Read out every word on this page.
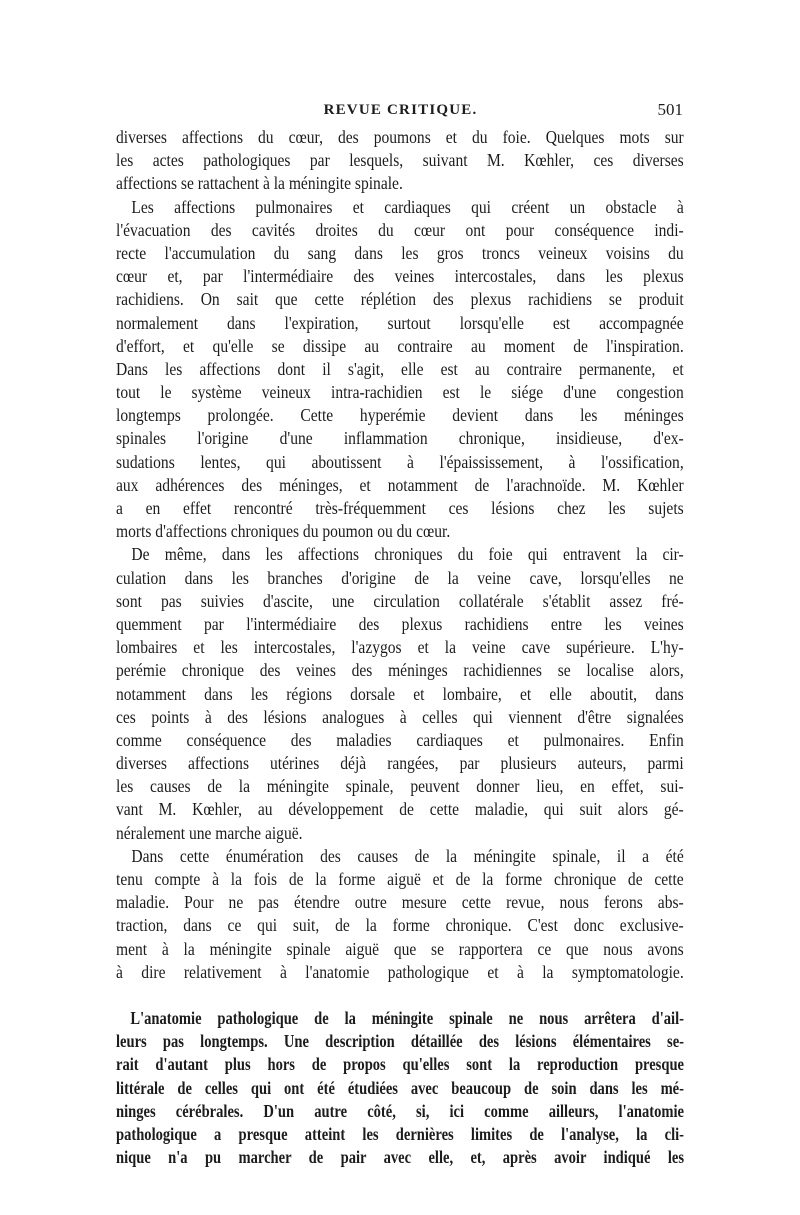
REVUE CRITIQUE.	501
diverses affections du cœur, des poumons et du foie. Quelques mots sur
les actes pathologiques par lesquels, suivant M. Kœhler, ces diverses
affections se rattachent à la méningite spinale.
Les affections pulmonaires et cardiaques qui créent un obstacle à
l'évacuation des cavités droites du cœur ont pour conséquence indi-
recte l'accumulation du sang dans les gros troncs veineux voisins du
cœur et, par l'intermédiaire des veines intercostales, dans les plexus
rachidiens. On sait que cette réplétion des plexus rachidiens se produit
normalement dans l'expiration, surtout lorsqu'elle est accompagnée
d'effort, et qu'elle se dissipe au contraire au moment de l'inspiration.
Dans les affections dont il s'agit, elle est au contraire permanente, et
tout le système veineux intra-rachidien est le siége d'une congestion
longtemps prolongée. Cette hyperémie devient dans les méninges
spinales l'origine d'une inflammation chronique, insidieuse, d'ex-
sudations lentes, qui aboutissent à l'épaississement, à l'ossification,
aux adhérences des méninges, et notamment de l'arachnoïde. M. Kœhler
a en effet rencontré très-fréquemment ces lésions chez les sujets
morts d'affections chroniques du poumon ou du cœur.
De même, dans les affections chroniques du foie qui entravent la cir-
culation dans les branches d'origine de la veine cave, lorsqu'elles ne
sont pas suivies d'ascite, une circulation collatérale s'établit assez fré-
quemment par l'intermédiaire des plexus rachidiens entre les veines
lombaires et les intercostales, l'azygos et la veine cave supérieure. L'hy-
perémie chronique des veines des méninges rachidiennes se localise alors,
notamment dans les régions dorsale et lombaire, et elle aboutit, dans
ces points à des lésions analogues à celles qui viennent d'être signalées
comme conséquence des maladies cardiaques et pulmonaires. Enfin
diverses affections utérines déjà rangées, par plusieurs auteurs, parmi
les causes de la méningite spinale, peuvent donner lieu, en effet, sui-
vant M. Kœhler, au développement de cette maladie, qui suit alors gé-
néralement une marche aiguë.
Dans cette énumération des causes de la méningite spinale, il a été
tenu compte à la fois de la forme aiguë et de la forme chronique de cette
maladie. Pour ne pas étendre outre mesure cette revue, nous ferons abs-
traction, dans ce qui suit, de la forme chronique. C'est donc exclusive-
ment à la méningite spinale aiguë que se rapportera ce que nous avons
à dire relativement à l'anatomie pathologique et à la symptomatologie.
L'anatomie pathologique de la méningite spinale ne nous arrêtera d'ail-
leurs pas longtemps. Une description détaillée des lésions élémentaires se-
rait d'autant plus hors de propos qu'elles sont la reproduction presque
littérale de celles qui ont été étudiées avec beaucoup de soin dans les mé-
ninges cérébrales. D'un autre côté, si, ici comme ailleurs, l'anatomie
pathologique a presque atteint les dernières limites de l'analyse, la cli-
nique n'a pu marcher de pair avec elle, et, après avoir indiqué les
